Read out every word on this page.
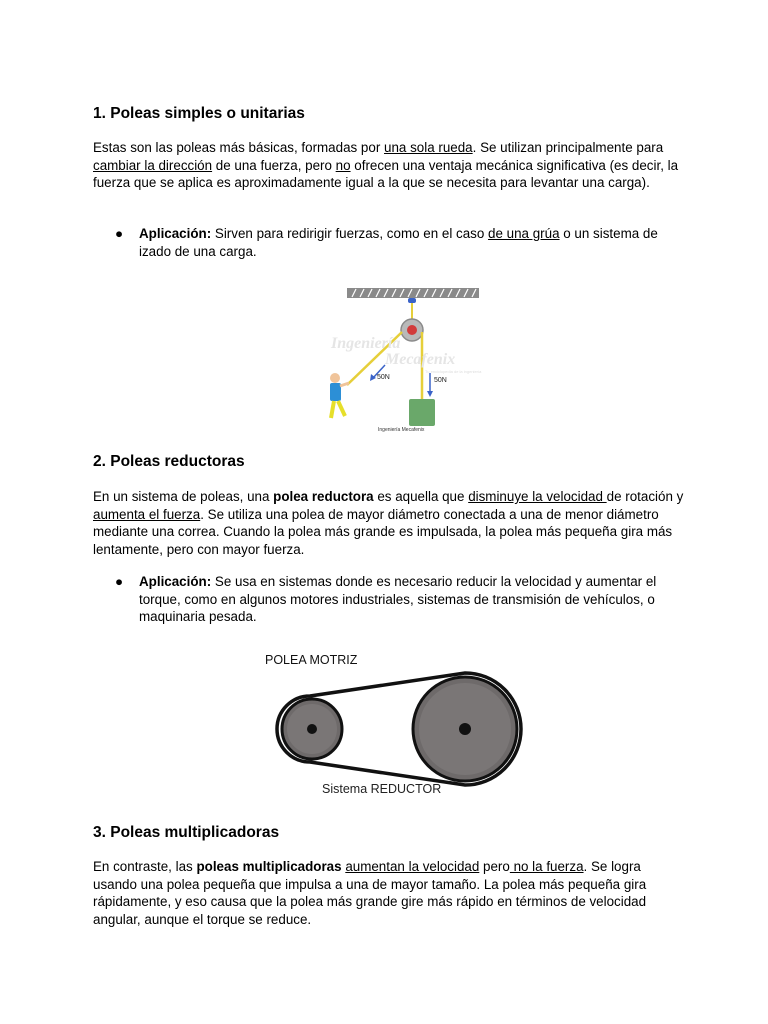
1. Poleas simples o unitarias

Estas son las poleas más básicas, formadas por una sola rueda. Se utilizan principalmente para cambiar la dirección de una fuerza, pero no ofrecen una ventaja mecánica significativa (es decir, la fuerza que se aplica es aproximadamente igual a la que se necesita para levantar una carga).

● Aplicación: Sirven para redirigir fuerzas, como en el caso de una grúa o un sistema de izado de una carga.
Ingeniería
Mecafenix
Tu enciclopedia de la ingeniería
50N	50N
Ingeniería Mecafenix
2. Poleas reductoras

En un sistema de poleas, una polea reductora es aquella que disminuye la velocidad de rotación y aumenta el fuerza. Se utiliza una polea de mayor diámetro conectada a una de menor diámetro mediante una correa. Cuando la polea más grande es impulsada, la polea más pequeña gira más lentamente, pero con mayor fuerza.

● Aplicación: Se usa en sistemas donde es necesario reducir la velocidad y aumentar el torque, como en algunos motores industriales, sistemas de transmisión de vehículos, o maquinaria pesada.
POLEA MOTRIZ
Sistema REDUCTOR
3. Poleas multiplicadoras

En contraste, las poleas multiplicadoras aumentan la velocidad pero no la fuerza. Se logra usando una polea pequeña que impulsa a una de mayor tamaño. La polea más pequeña gira rápidamente, y eso causa que la polea más grande gire más rápido en términos de velocidad angular, aunque el torque se reduce.
